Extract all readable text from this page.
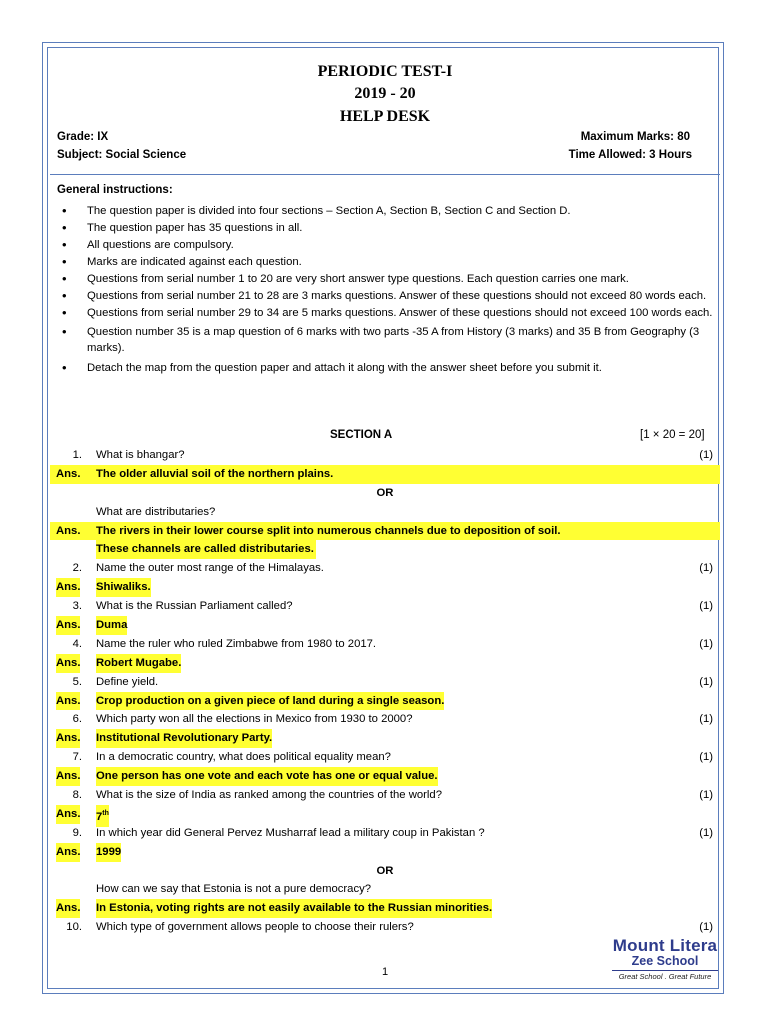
PERIODIC TEST-I
2019 - 20
HELP DESK
Grade: IX
Subject: Social Science
Maximum Marks: 80
Time Allowed: 3 Hours
General instructions:
• The question paper is divided into four sections – Section A, Section B, Section C and Section D.
• The question paper has 35 questions in all.
• All questions are compulsory.
• Marks are indicated against each question.
• Questions from serial number 1 to 20 are very short answer type questions. Each question carries one mark.
• Questions from serial number 21 to 28 are 3 marks questions. Answer of these questions should not exceed 80 words each.
• Questions from serial number 29 to 34 are 5 marks questions. Answer of these questions should not exceed 100 words each.
• Question number 35 is a map question of 6 marks with two parts -35 A from History (3 marks) and 35 B from Geography (3 marks).
• Detach the map from the question paper and attach it along with the answer sheet before you submit it.
SECTION A	[1 × 20 = 20]
1. What is bhangar?	(1)
Ans. The older alluvial soil of the northern plains.
OR
What are distributaries?
Ans. The rivers in their lower course split into numerous channels due to deposition of soil.
These channels are called distributaries.
2. Name the outer most range of the Himalayas.	(1)
Ans. Shiwaliks.
3. What is the Russian Parliament called?	(1)
Ans. Duma
4. Name the ruler who ruled Zimbabwe from 1980 to 2017.	(1)
Ans. Robert Mugabe.
5. Define yield.	(1)
Ans. Crop production on a given piece of land during a single season.
6. Which party won all the elections in Mexico from 1930 to 2000?	(1)
Ans. Institutional Revolutionary Party.
7. In a democratic country, what does political equality mean?	(1)
Ans. One person has one vote and each vote has one or equal value.
8. What is the size of India as ranked among the countries of the world?	(1)
Ans. 7th
9. In which year did General Pervez Musharraf lead a military coup in Pakistan ?	(1)
Ans. 1999
OR
How can we say that Estonia is not a pure democracy?
Ans. In Estonia, voting rights are not easily available to the Russian minorities.
10. Which type of government allows people to choose their rulers?	(1)
1
Mount Litera
Zee School
Great School . Great Future
